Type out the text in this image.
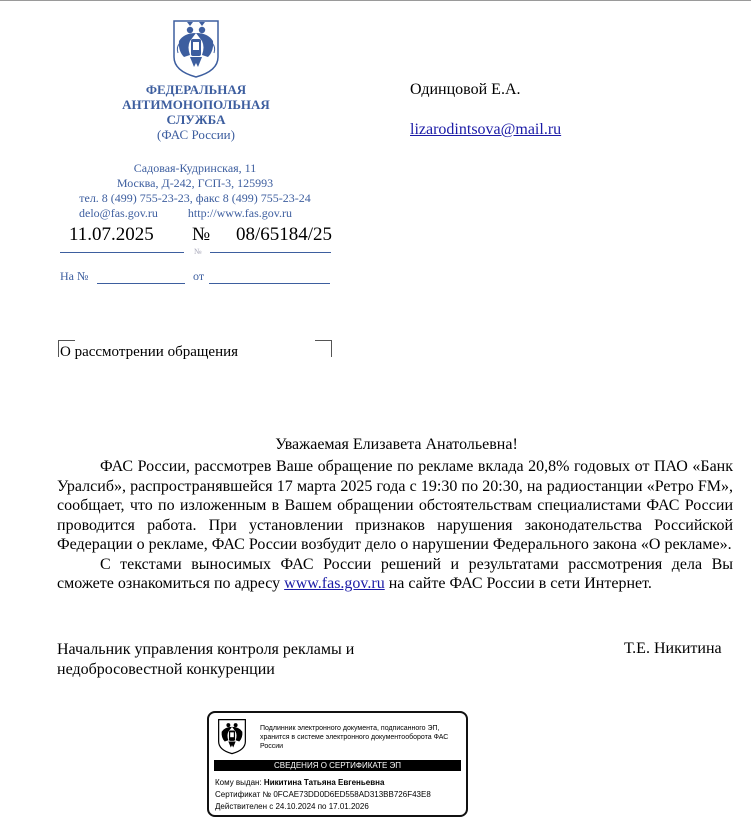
ФЕДЕРАЛЬНАЯ
АНТИМОНОПОЛЬНАЯ
СЛУЖБА
(ФАС России)
Садовая-Кудринская, 11
Москва, Д-242, ГСП-3, 125993
тел. 8 (499) 755-23-23, факс 8 (499) 755-23-24
delo@fas.gov.ru	http://www.fas.gov.ru
11.07.2025 № 08/65184/25
№
На №	от
О рассмотрении обращения
Одинцовой Е.А.
lizarodintsova@mail.ru
Уважаемая Елизавета Анатольевна!

ФАС России, рассмотрев Ваше обращение по рекламе вклада 20,8% годовых от ПАО «Банк Уралсиб», распространявшейся 17 марта 2025 года с 19:30 по 20:30, на радиостанции «Ретро FM», сообщает, что по изложенным в Вашем обращении обстоятельствам специалистами ФАС России проводится работа. При установлении признаков нарушения законодательства Российской Федерации о рекламе, ФАС России возбудит дело о нарушении Федерального закона «О рекламе».

С текстами выносимых ФАС России решений и результатами рассмотрения дела Вы сможете ознакомиться по адресу www.fas.gov.ru на сайте ФАС России в сети Интернет.

Начальник управления контроля рекламы и
недобросовестной конкуренции
Т.Е. Никитина
Подлинник электронного документа, подписанного ЭП, хранится в системе электронного документооборота ФАС России
СВЕДЕНИЯ О СЕРТИФИКАТЕ ЭП
Кому выдан: Никитина Татьяна Евгеньевна
Сертификат № 0FCAE73DD0D6ED558AD313BB726F43E8
Действителен с 24.10.2024 по 17.01.2026
